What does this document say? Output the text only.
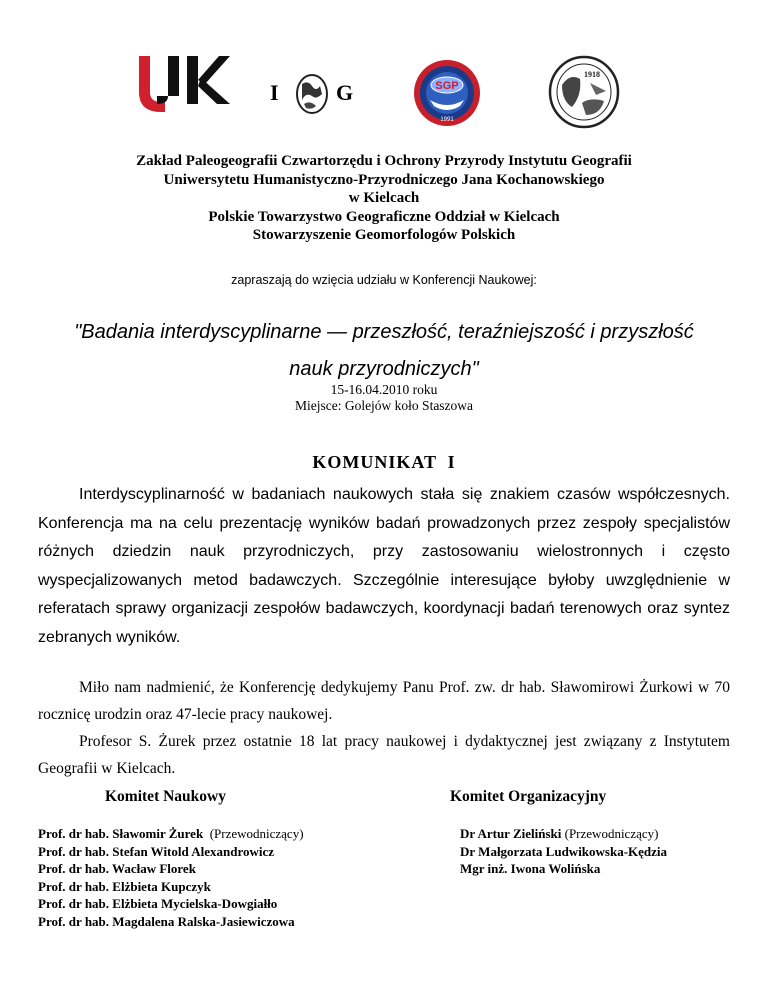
I	G	SGP
1991
1918
Zakład Paleogeografii Czwartorzędu i Ochrony Przyrody Instytutu Geografii
Uniwersytetu Humanistyczno-Przyrodniczego Jana Kochanowskiego
w Kielcach
Polskie Towarzystwo Geograficzne Oddział w Kielcach
Stowarzyszenie Geomorfologów Polskich
zapraszają do wzięcia udziału w Konferencji Naukowej:
"Badania interdyscyplinarne — przeszłość, teraźniejszość i przyszłość
nauk przyrodniczych"
15-16.04.2010 roku
Miejsce: Golejów koło Staszowa
KOMUNIKAT  I

Interdyscyplinarność w badaniach naukowych stała się znakiem czasów współczesnych. Konferencja ma na celu prezentację wyników badań prowadzonych przez zespoły specjalistów różnych dziedzin nauk przyrodniczych, przy zastosowaniu wielostronnych i często wyspecjalizowanych metod badawczych. Szczególnie interesujące byłoby uwzględnienie w referatach sprawy organizacji zespołów badawczych, koordynacji badań terenowych oraz syntez zebranych wyników.

Miło nam nadmienić, że Konferencję dedykujemy Panu Prof. zw. dr hab. Sławomirowi Żurkowi w 70 rocznicę urodzin oraz 47-lecie pracy naukowej.

Profesor S. Żurek przez ostatnie 18 lat pracy naukowej i dydaktycznej jest związany z Instytutem Geografii w Kielcach.

Komitet Naukowy	Komitet Organizacyjny
Prof. dr hab. Sławomir Żurek  (Przewodniczący)
Prof. dr hab. Stefan Witold Alexandrowicz
Prof. dr hab. Wacław Florek
Prof. dr hab. Elżbieta Kupczyk
Prof. dr hab. Elżbieta Mycielska-Dowgiałło
Prof. dr hab. Magdalena Ralska-Jasiewiczowa
Dr Artur Zieliński (Przewodniczący)
Dr Małgorzata Ludwikowska-Kędzia
Mgr inż. Iwona Wolińska
